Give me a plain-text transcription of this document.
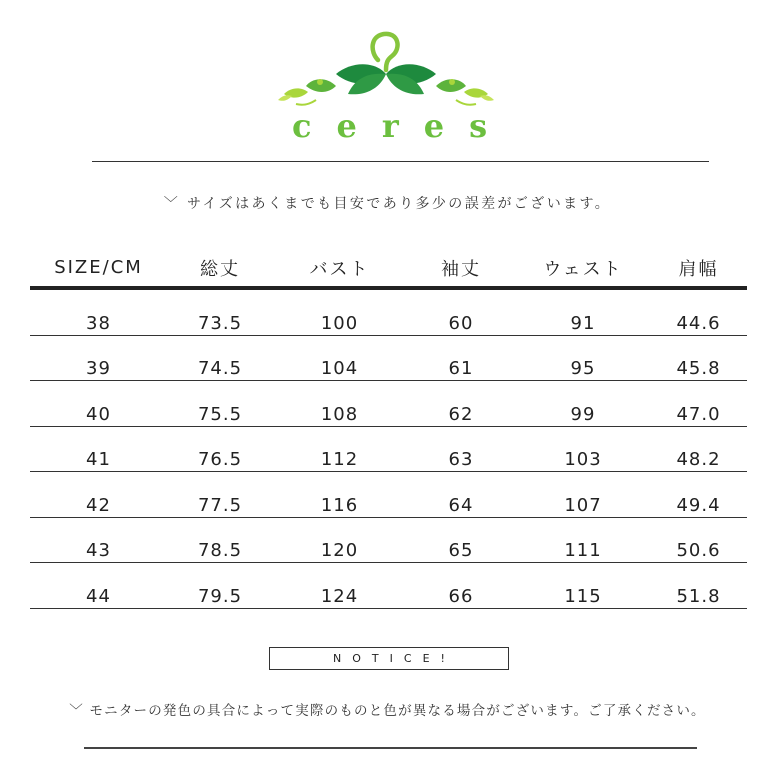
ceres
﹀ サイズはあくまでも目安であり多少の誤差がございます。
SIZE/CM	総丈	バスト	袖丈	ウェスト	肩幅
38	73.5	100	60	91	44.6
39	74.5	104	61	95	45.8
40	75.5	108	62	99	47.0
41	76.5	112	63	103	48.2
42	77.5	116	64	107	49.4
43	78.5	120	65	111	50.6
44	79.5	124	66	115	51.8
NOTICE!
﹀ モニターの発色の具合によって実際のものと色が異なる場合がございます。ご了承ください。
